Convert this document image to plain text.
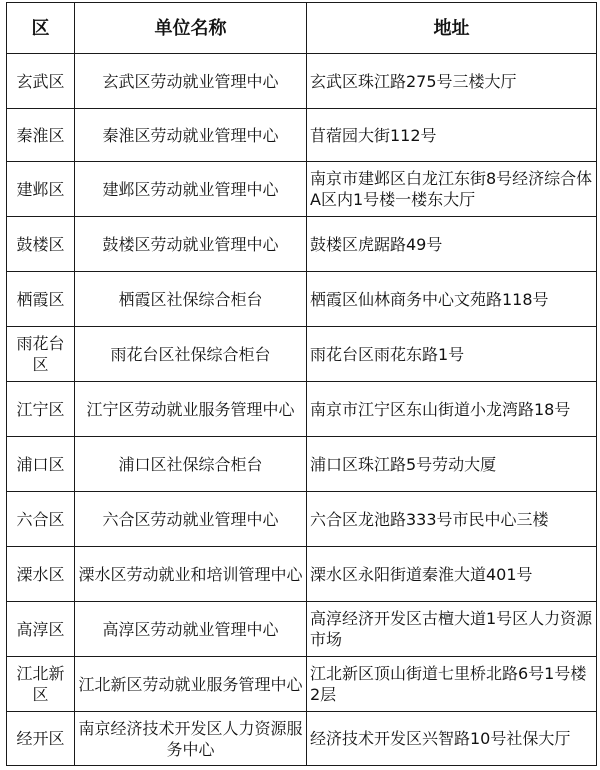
区	单位名称	地址
玄武区	玄武区劳动就业管理中心	玄武区珠江路275号三楼大厅
秦淮区	秦淮区劳动就业管理中心	苜蓿园大街112号
建邺区	建邺区劳动就业管理中心	南京市建邺区白龙江东街8号经济综合体A区内1号楼一楼东大厅
鼓楼区	鼓楼区劳动就业管理中心	鼓楼区虎踞路49号
栖霞区	栖霞区社保综合柜台	栖霞区仙林商务中心文苑路118号
雨花台区	雨花台区社保综合柜台	雨花台区雨花东路1号
江宁区	江宁区劳动就业服务管理中心	南京市江宁区东山街道小龙湾路18号
浦口区	浦口区社保综合柜台	浦口区珠江路5号劳动大厦
六合区	六合区劳动就业管理中心	六合区龙池路333号市民中心三楼
溧水区	溧水区劳动就业和培训管理中心	溧水区永阳街道秦淮大道401号
高淳区	高淳区劳动就业管理中心	高淳经济开发区古檀大道1号区人力资源市场
江北新区	江北新区劳动就业服务管理中心	江北新区顶山街道七里桥北路6号1号楼2层
经开区	南京经济技术开发区人力资源服务中心	经济技术开发区兴智路10号社保大厅
